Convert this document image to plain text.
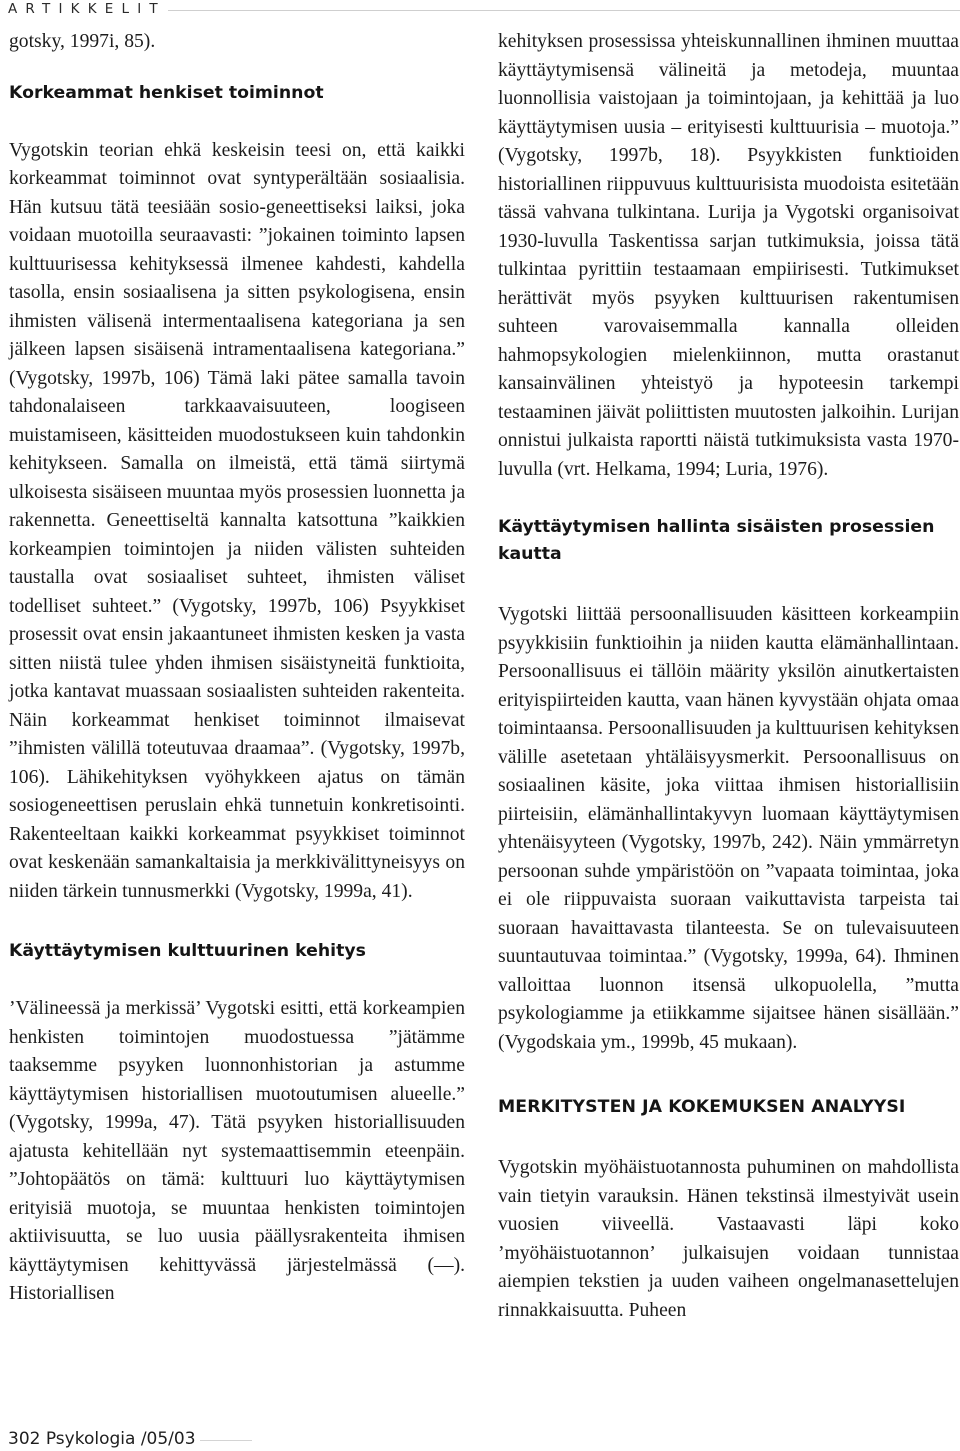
ARTIKKELIT

gotsky, 1997i, 85).

Korkeammat henkiset toiminnot

Vygotskin teorian ehkä keskeisin teesi on, että kaikki korkeammat toiminnot ovat syntyperältään sosiaalisia. Hän kutsuu tätä teesiään sosio-geneettiseksi laiksi, joka voidaan muotoilla seuraavasti: ”jokainen toiminto lapsen kulttuurisessa kehityksessä ilmenee kahdesti, kahdella tasolla, ensin sosiaalisena ja sitten psykologisena, ensin ihmisten välisenä intermentaalisena kategoriana ja sen jälkeen lapsen sisäisenä intramentaalisena kategoriana.” (Vygotsky, 1997b, 106) Tämä laki pätee samalla tavoin tahdonalaiseen tarkkaavaisuuteen, loogiseen muistamiseen, käsitteiden muodostukseen kuin tahdonkin kehitykseen. Samalla on ilmeistä, että tämä siirtymä ulkoisesta sisäiseen muuntaa myös prosessien luonnetta ja rakennetta. Geneettiseltä kannalta katsottuna ”kaikkien korkeampien toimintojen ja niiden välisten suhteiden taustalla ovat sosiaaliset suhteet, ihmisten väliset todelliset suhteet.” (Vygotsky, 1997b, 106) Psyykkiset prosessit ovat ensin jakaantuneet ihmisten kesken ja vasta sitten niistä tulee yhden ihmisen sisäistyneitä funktioita, jotka kantavat muassaan sosiaalisten suhteiden rakenteita. Näin korkeammat henkiset toiminnot ilmaisevat ”ihmisten välillä toteutuvaa draamaa”. (Vygotsky, 1997b, 106). Lähikehityksen vyöhykkeen ajatus on tämän sosiogeneettisen peruslain ehkä tunnetuin konkretisointi. Rakenteeltaan kaikki korkeammat psyykkiset toiminnot ovat keskenään samankaltaisia ja merkkivälittyneisyys on niiden tärkein tunnusmerkki (Vygotsky, 1999a, 41).

Käyttäytymisen kulttuurinen kehitys

’Välineessä ja merkissä’ Vygotski esitti, että korkeampien henkisten toimintojen muodostuessa ”jätämme taaksemme psyyken luonnonhistorian ja astumme käyttäytymisen historiallisen muotoutumisen alueelle.” (Vygotsky, 1999a, 47). Tätä psyyken historiallisuuden ajatusta kehitellään nyt systemaattisemmin eteenpäin. ”Johtopäätös on tämä: kulttuuri luo käyttäytymisen erityisiä muotoja, se muuntaa henkisten toimintojen aktiivisuutta, se luo uusia päällysrakenteita ihmisen käyttäytymisen kehittyvässä järjestelmässä (—). Historiallisen

kehityksen prosessissa yhteiskunnallinen ihminen muuttaa käyttäytymisensä välineitä ja metodeja, muuntaa luonnollisia vaistojaan ja toimintojaan, ja kehittää ja luo käyttäytymisen uusia – erityisesti kulttuurisia – muotoja.” (Vygotsky, 1997b, 18). Psyykkisten funktioiden historiallinen riippuvuus kulttuurisista muodoista esitetään tässä vahvana tulkintana. Lurija ja Vygotski organisoivat 1930-luvulla Taskentissa sarjan tutkimuksia, joissa tätä tulkintaa pyrittiin testaamaan empiirisesti. Tutkimukset herättivät myös psyyken kulttuurisen rakentumisen suhteen varovaisemmalla kannalla olleiden hahmopsykologien mielenkiinnon, mutta orastanut kansainvälinen yhteistyö ja hypoteesin tarkempi testaaminen jäivät poliittisten muutosten jalkoihin. Lurijan onnistui julkaista raportti näistä tutkimuksista vasta 1970-luvulla (vrt. Helkama, 1994; Luria, 1976).

Käyttäytymisen hallinta sisäisten prosessien kautta

Vygotski liittää persoonallisuuden käsitteen korkeampiin psyykkisiin funktioihin ja niiden kautta elämänhallintaan. Persoonallisuus ei tällöin määrity yksilön ainutkertaisten erityispiirteiden kautta, vaan hänen kyvystään ohjata omaa toimintaansa. Persoonallisuuden ja kulttuurisen kehityksen välille asetetaan yhtäläisyysmerkit. Persoonallisuus on sosiaalinen käsite, joka viittaa ihmisen historiallisiin piirteisiin, elämänhallintakyvyn luomaan käyttäytymisen yhtenäisyyteen (Vygotsky, 1997b, 242). Näin ymmärretyn persoonan suhde ympäristöön on ”vapaata toimintaa, joka ei ole riippuvaista suoraan vaikuttavista tarpeista tai suoraan havaittavasta tilanteesta. Se on tulevaisuuteen suuntautuvaa toimintaa.” (Vygotsky, 1999a, 64). Ihminen valloittaa luonnon itsensä ulkopuolella, ”mutta psykologiamme ja etiikkamme sijaitsee hänen sisällään.” (Vygodskaia ym., 1999b, 45 mukaan).

MERKITYSTEN JA KOKEMUKSEN ANALYYSI

Vygotskin myöhäistuotannosta puhuminen on mahdollista vain tietyin varauksin. Hänen tekstinsä ilmestyivät usein vuosien viiveellä. Vastaavasti läpi koko ’myöhäistuotannon’ julkaisujen voidaan tunnistaa aiempien tekstien ja uuden vaiheen ongelmanasettelujen rinnakkaisuutta. Puheen

302 Psykologia /05/03
